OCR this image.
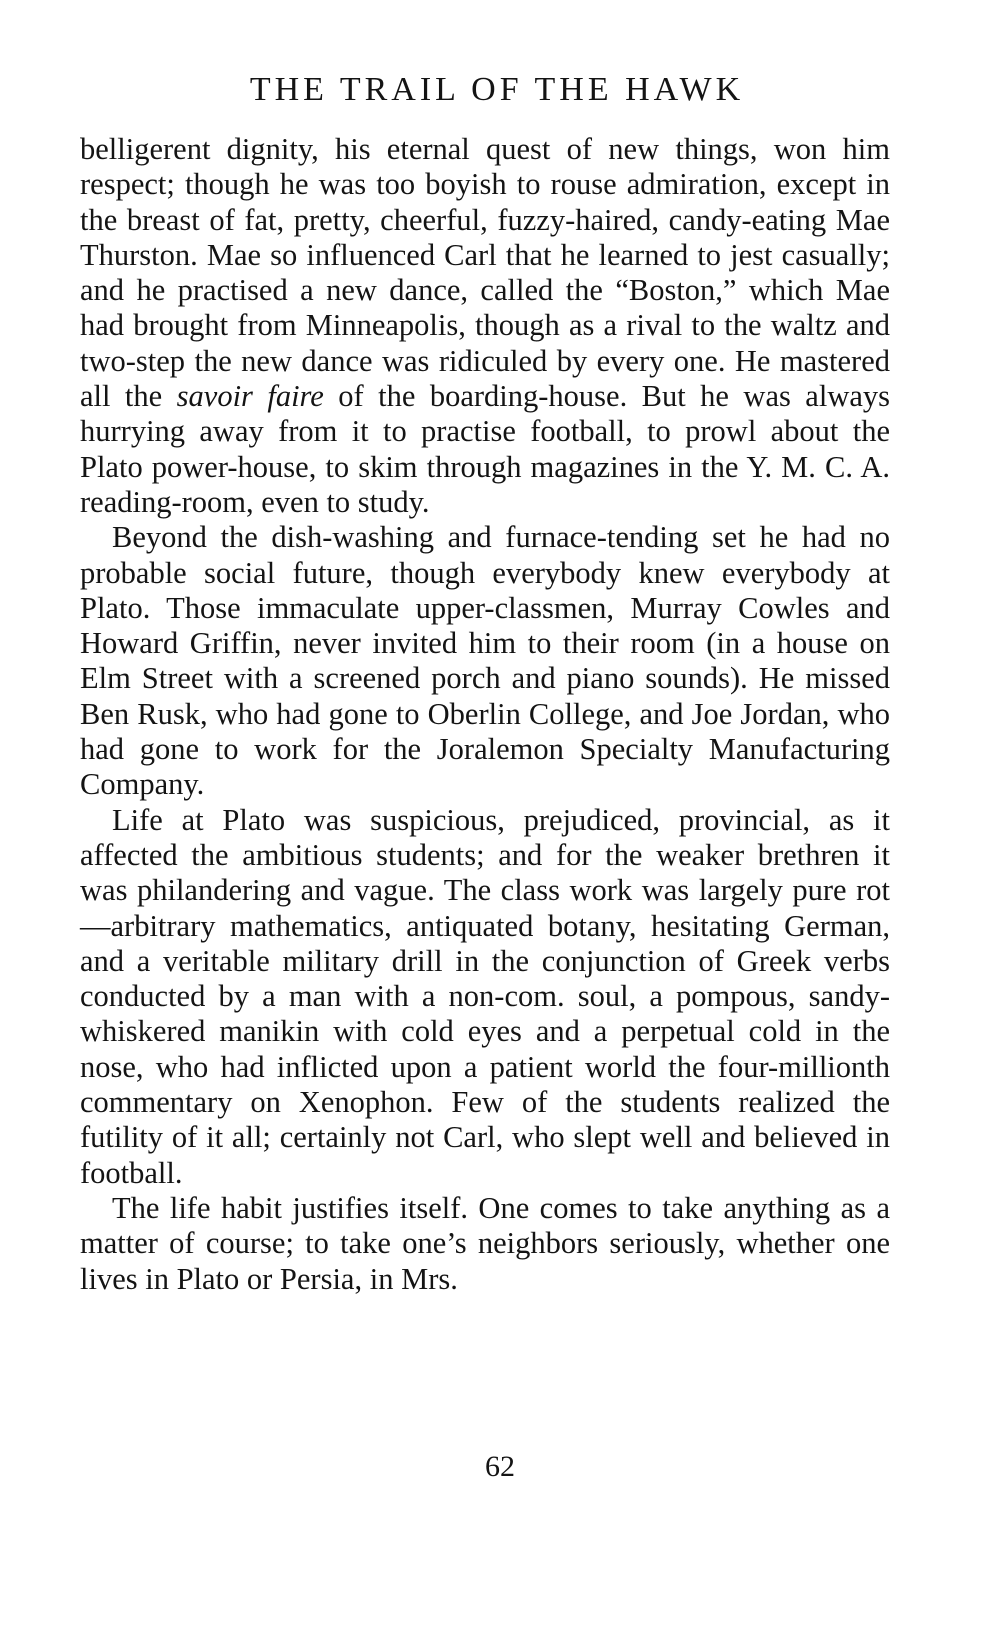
THE TRAIL OF THE HAWK

belligerent dignity, his eternal quest of new things, won him respect; though he was too boyish to rouse admiration, except in the breast of fat, pretty, cheerful, fuzzy-haired, candy-eating Mae Thurston. Mae so influenced Carl that he learned to jest casually; and he practised a new dance, called the “Boston,” which Mae had brought from Minneapolis, though as a rival to the waltz and two-step the new dance was ridiculed by every one. He mastered all the savoir faire of the boarding-house. But he was always hurrying away from it to practise football, to prowl about the Plato power-house, to skim through magazines in the Y. M. C. A. reading-room, even to study.

Beyond the dish-washing and furnace-tending set he had no probable social future, though everybody knew everybody at Plato. Those immaculate upper-classmen, Murray Cowles and Howard Griffin, never invited him to their room (in a house on Elm Street with a screened porch and piano sounds). He missed Ben Rusk, who had gone to Oberlin College, and Joe Jordan, who had gone to work for the Joralemon Specialty Manufacturing Company.

Life at Plato was suspicious, prejudiced, provincial, as it affected the ambitious students; and for the weaker brethren it was philandering and vague. The class work was largely pure rot—arbitrary mathematics, antiquated botany, hesitating German, and a veritable military drill in the conjunction of Greek verbs conducted by a man with a non-com. soul, a pompous, sandy-whiskered manikin with cold eyes and a perpetual cold in the nose, who had inflicted upon a patient world the four-millionth commentary on Xenophon. Few of the students realized the futility of it all; certainly not Carl, who slept well and believed in football.

The life habit justifies itself. One comes to take anything as a matter of course; to take one’s neighbors seriously, whether one lives in Plato or Persia, in Mrs.

62
